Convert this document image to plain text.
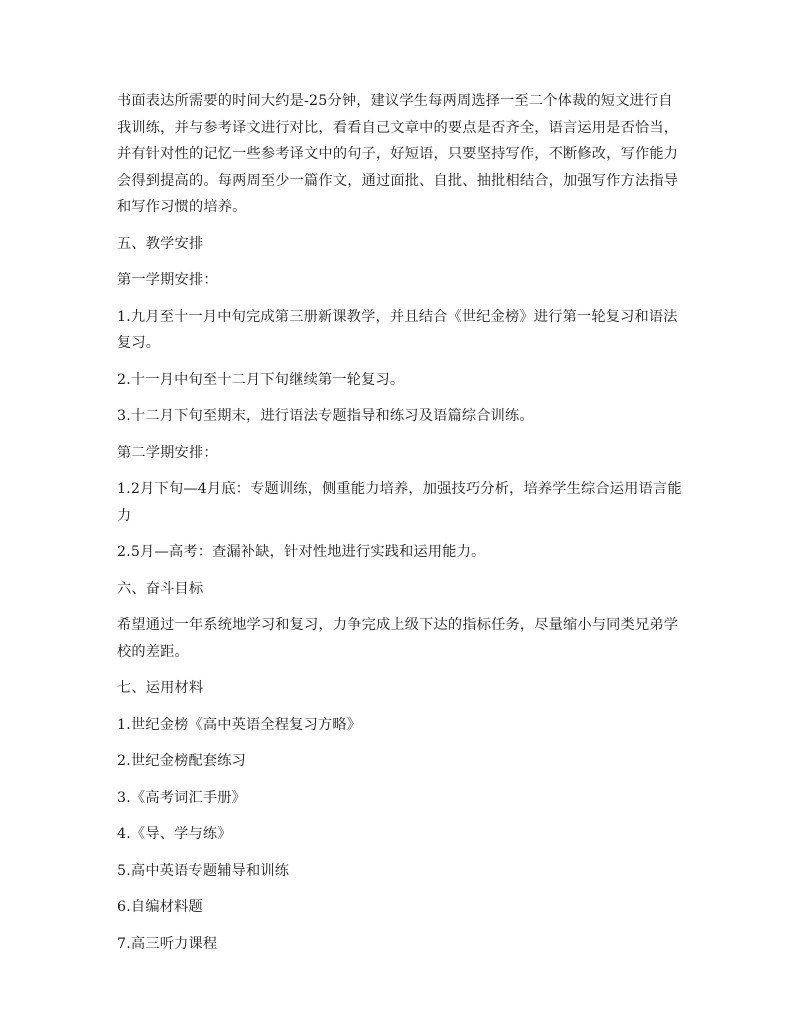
书面表达所需要的时间大约是-25分钟，建议学生每两周选择一至二个体裁的短文进行自我训练，并与参考译文进行对比，看看自己文章中的要点是否齐全，语言运用是否恰当，并有针对性的记忆一些参考译文中的句子，好短语，只要坚持写作，不断修改，写作能力会得到提高的。每两周至少一篇作文，通过面批、自批、抽批相结合，加强写作方法指导和写作习惯的培养。

五、教学安排

第一学期安排：

1.九月至十一月中旬完成第三册新课教学，并且结合《世纪金榜》进行第一轮复习和语法复习。

2.十一月中旬至十二月下旬继续第一轮复习。

3.十二月下旬至期末，进行语法专题指导和练习及语篇综合训练。

第二学期安排：

1.2月下旬—4月底：专题训练，侧重能力培养，加强技巧分析，培养学生综合运用语言能力

2.5月—高考：查漏补缺，针对性地进行实践和运用能力。

六、奋斗目标

希望通过一年系统地学习和复习，力争完成上级下达的指标任务，尽量缩小与同类兄弟学校的差距。

七、运用材料

1.世纪金榜《高中英语全程复习方略》

2.世纪金榜配套练习

3.《高考词汇手册》

4.《导、学与练》

5.高中英语专题辅导和训练

6.自编材料题

7.高三听力课程
